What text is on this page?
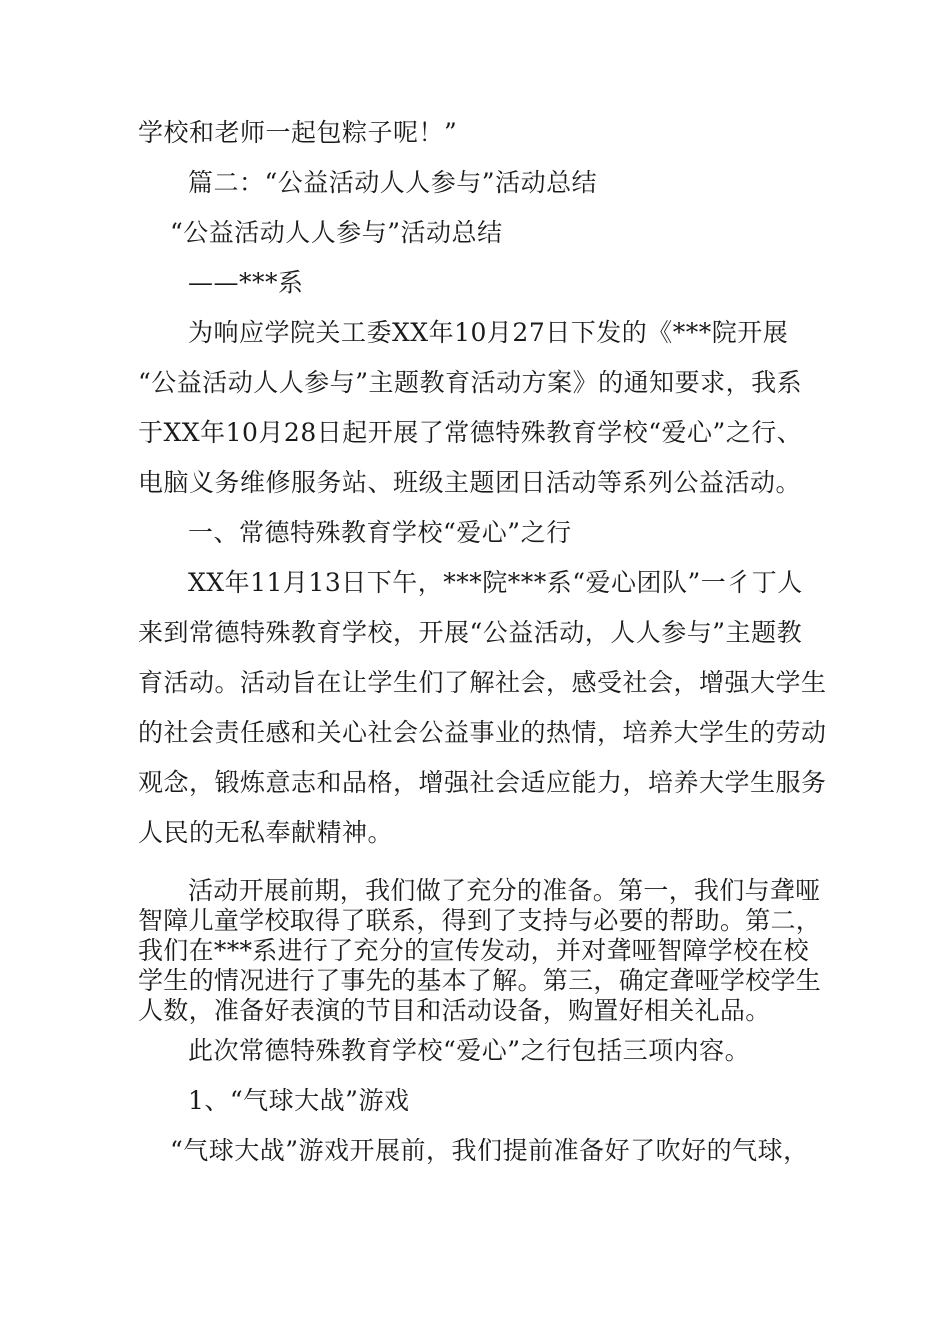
学校和老师一起包粽子呢！”
篇二：“公益活动人人参与”活动总结
“公益活动人人参与”活动总结
——***系
为响应学院关工委XX年10月27日下发的《***院开展
“公益活动人人参与”主题教育活动方案》的通知要求，我系
于XX年10月28日起开展了常德特殊教育学校“爱心”之行、
电脑义务维修服务站、班级主题团日活动等系列公益活动。
一、常德特殊教育学校“爱心”之行
XX年11月13日下午，***院***系“爱心团队”一彳丁人
来到常德特殊教育学校，开展“公益活动，人人参与”主题教
育活动。活动旨在让学生们了解社会，感受社会，增强大学生
的社会责任感和关心社会公益事业的热情，培养大学生的劳动
观念，锻炼意志和品格，增强社会适应能力，培养大学生服务
人民的无私奉献精神。
活动开展前期，我们做了充分的准备。第一，我们与聋哑
智障儿童学校取得了联系，得到了支持与必要的帮助。第二，
我们在***系进行了充分的宣传发动，并对聋哑智障学校在校
学生的情况进行了事先的基本了解。第三，确定聋哑学校学生
人数，准备好表演的节目和活动设备，购置好相关礼品。
此次常德特殊教育学校“爱心”之行包括三项内容。
1、“气球大战”游戏
“气球大战”游戏开展前，我们提前准备好了吹好的气球，
